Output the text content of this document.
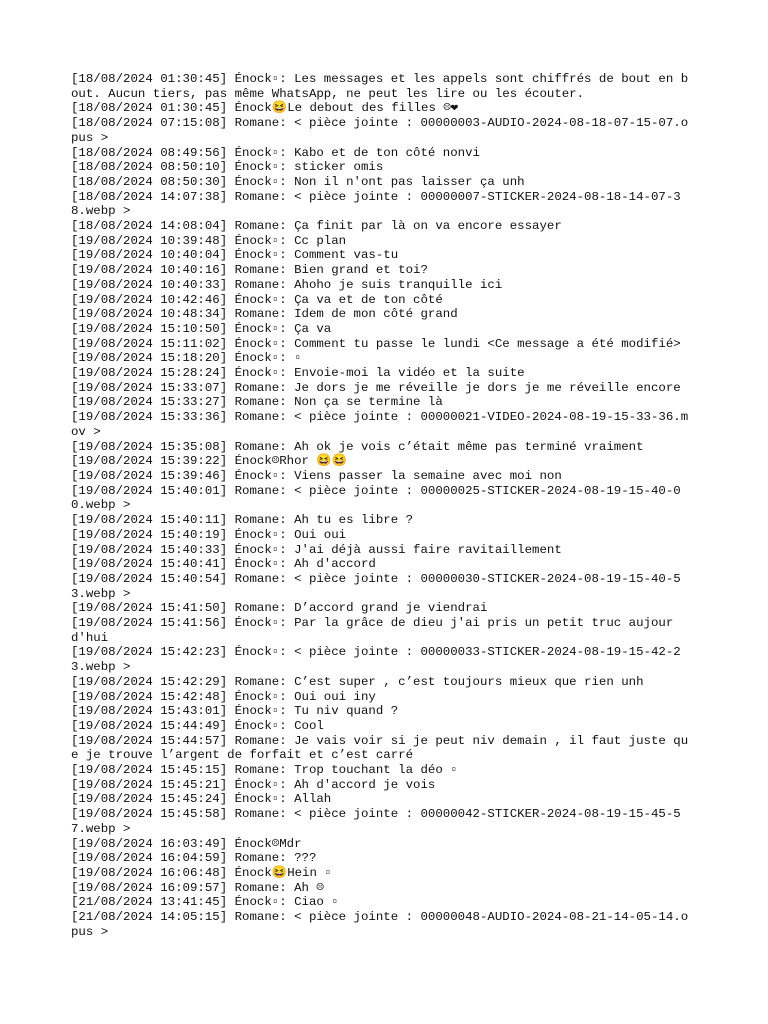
[18/08/2024 01:30:45] Énock▫: Les messages et les appels sont chiffrés de bout en bout. Aucun tiers, pas même WhatsApp, ne peut les lire ou les écouter.
[18/08/2024 01:30:45] Énock😆Le debout des filles ☹❤
[18/08/2024 07:15:08] Romane: < pièce jointe : 00000003-AUDIO-2024-08-18-07-15-07.opus >
[18/08/2024 08:49:56] Énock▫: Kabo et de ton côté nonvi
[18/08/2024 08:50:10] Énock▫: sticker omis
[18/08/2024 08:50:30] Énock▫: Non il n'ont pas laisser ça unh
[18/08/2024 14:07:38] Romane: < pièce jointe : 00000007-STICKER-2024-08-18-14-07-38.webp >
[18/08/2024 14:08:04] Romane: Ça finit par là on va encore essayer
[19/08/2024 10:39:48] Énock▫: Cc plan
[19/08/2024 10:40:04] Énock▫: Comment vas-tu
[19/08/2024 10:40:16] Romane: Bien grand et toi?
[19/08/2024 10:40:33] Romane: Ahoho je suis tranquille ici
[19/08/2024 10:42:46] Énock▫: Ça va et de ton côté
[19/08/2024 10:48:34] Romane: Idem de mon côté grand
[19/08/2024 15:10:50] Énock▫: Ça va
[19/08/2024 15:11:02] Énock▫: Comment tu passe le lundi <Ce message a été modifié>
[19/08/2024 15:18:20] Énock▫: ▫
[19/08/2024 15:28:24] Énock▫: Envoie-moi la vidéo et la suite
[19/08/2024 15:33:07] Romane: Je dors je me réveille je dors je me réveille encore
[19/08/2024 15:33:27] Romane: Non ça se termine là
[19/08/2024 15:33:36] Romane: < pièce jointe : 00000021-VIDEO-2024-08-19-15-33-36.mov >
[19/08/2024 15:35:08] Romane: Ah ok je vois c’était même pas terminé vraiment
[19/08/2024 15:39:22] Énock☹Rhor 😆😆
[19/08/2024 15:39:46] Énock▫: Viens passer la semaine avec moi non
[19/08/2024 15:40:01] Romane: < pièce jointe : 00000025-STICKER-2024-08-19-15-40-00.webp >
[19/08/2024 15:40:11] Romane: Ah tu es libre ?
[19/08/2024 15:40:19] Énock▫: Oui oui
[19/08/2024 15:40:33] Énock▫: J'ai déjà aussi faire ravitaillement
[19/08/2024 15:40:41] Énock▫: Ah d'accord
[19/08/2024 15:40:54] Romane: < pièce jointe : 00000030-STICKER-2024-08-19-15-40-53.webp >
[19/08/2024 15:41:50] Romane: D’accord grand je viendrai
[19/08/2024 15:41:56] Énock▫: Par la grâce de dieu j'ai pris un petit truc aujourd'hui
[19/08/2024 15:42:23] Énock▫: < pièce jointe : 00000033-STICKER-2024-08-19-15-42-23.webp >
[19/08/2024 15:42:29] Romane: C’est super , c’est toujours mieux que rien unh
[19/08/2024 15:42:48] Énock▫: Oui oui iny
[19/08/2024 15:43:01] Énock▫: Tu niv quand ?
[19/08/2024 15:44:49] Énock▫: Cool
[19/08/2024 15:44:57] Romane: Je vais voir si je peut niv demain , il faut juste que je trouve l’argent de forfait et c’est carré
[19/08/2024 15:45:15] Romane: Trop touchant la déo ▫
[19/08/2024 15:45:21] Énock▫: Ah d'accord je vois
[19/08/2024 15:45:24] Énock▫: Allah
[19/08/2024 15:45:58] Romane: < pièce jointe : 00000042-STICKER-2024-08-19-15-45-57.webp >
[19/08/2024 16:03:49] Énock☹Mdr
[19/08/2024 16:04:59] Romane: ???
[19/08/2024 16:06:48] Énock😆Hein ▫
[19/08/2024 16:09:57] Romane: Ah ☹
[21/08/2024 13:41:45] Énock▫: Ciao ▫
[21/08/2024 14:05:15] Romane: < pièce jointe : 00000048-AUDIO-2024-08-21-14-05-14.opus >
